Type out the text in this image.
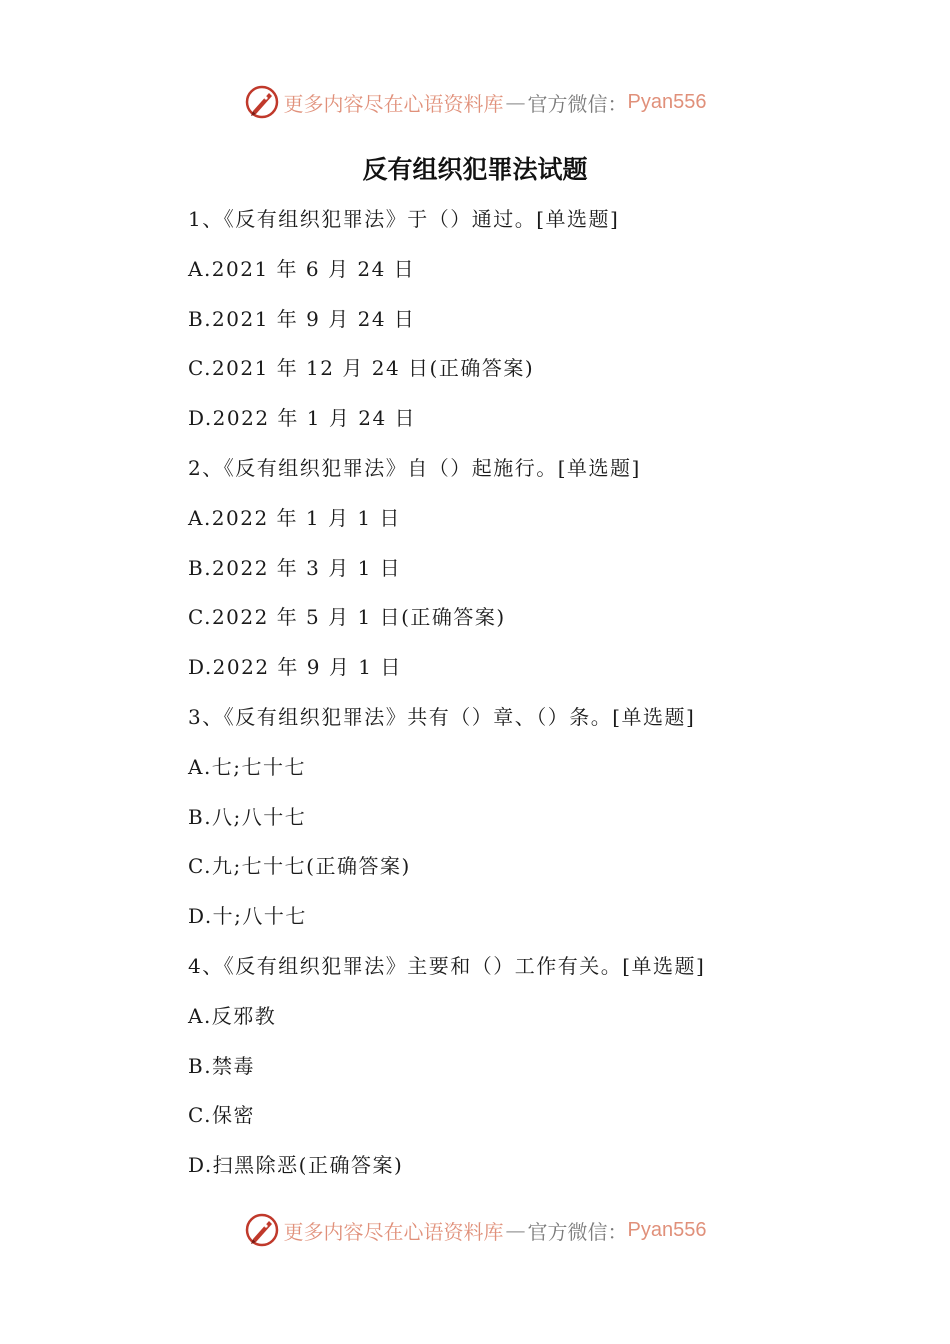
更多内容尽在心语资料库 — 官方微信： Pyan556
反有组织犯罪法试题
1、《反有组织犯罪法》于（）通过。[单选题]
A.2021 年 6 月 24 日
B.2021 年 9 月 24 日
C.2021 年 12 月 24 日(正确答案)
D.2022 年 1 月 24 日
2、《反有组织犯罪法》自（）起施行。[单选题]
A.2022 年 1 月 1 日
B.2022 年 3 月 1 日
C.2022 年 5 月 1 日(正确答案)
D.2022 年 9 月 1 日
3、《反有组织犯罪法》共有（）章、（）条。[单选题]
A.七;七十七
B.八;八十七
C.九;七十七(正确答案)
D.十;八十七
4、《反有组织犯罪法》主要和（）工作有关。[单选题]
A.反邪教
B.禁毒
C.保密
D.扫黑除恶(正确答案)
更多内容尽在心语资料库 — 官方微信： Pyan556
